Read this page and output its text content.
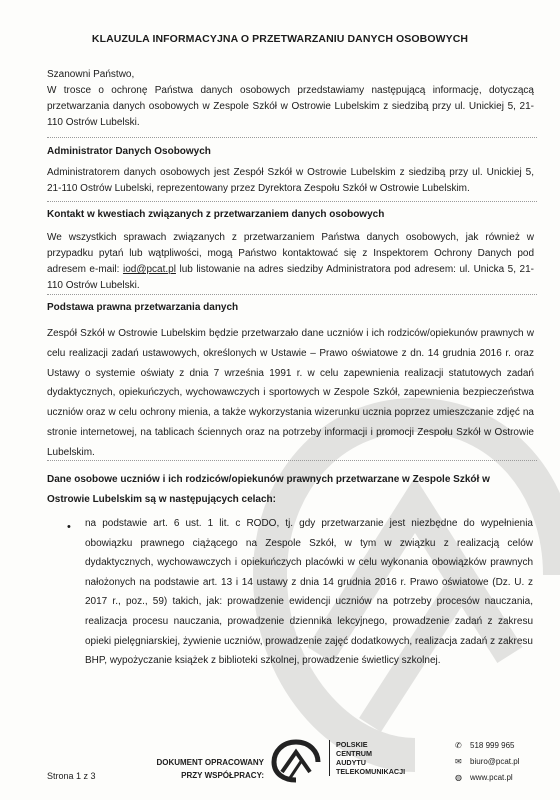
KLAUZULA INFORMACYJNA O PRZETWARZANIU DANYCH OSOBOWYCH
Szanowni Państwo,
W trosce o ochronę Państwa danych osobowych przedstawiamy następującą informację, dotyczącą przetwarzania danych osobowych w Zespole Szkół w Ostrowie Lubelskim z siedzibą przy ul. Unickiej 5, 21-110 Ostrów Lubelski.
Administrator Danych Osobowych
Administratorem danych osobowych jest Zespół Szkół w Ostrowie Lubelskim z siedzibą przy ul. Unickiej 5, 21-110 Ostrów Lubelski, reprezentowany przez Dyrektora Zespołu Szkół w Ostrowie Lubelskim.
Kontakt w kwestiach związanych z przetwarzaniem danych osobowych
We wszystkich sprawach związanych z przetwarzaniem Państwa danych osobowych, jak również w przypadku pytań lub wątpliwości, mogą Państwo kontaktować się z Inspektorem Ochrony Danych pod adresem e-mail: iod@pcat.pl lub listowanie na adres siedziby Administratora pod adresem: ul. Unicka 5, 21-110 Ostrów Lubelski.
Podstawa prawna przetwarzania danych
Zespół Szkół w Ostrowie Lubelskim będzie przetwarzało dane uczniów i ich rodziców/opiekunów prawnych w celu realizacji zadań ustawowych, określonych w Ustawie – Prawo oświatowe z dn. 14 grudnia 2016 r. oraz Ustawy o systemie oświaty z dnia 7 września 1991 r. w celu zapewnienia realizacji statutowych zadań dydaktycznych, opiekuńczych, wychowawczych i sportowych w Zespole Szkół, zapewnienia bezpieczeństwa uczniów oraz w celu ochrony mienia, a także wykorzystania wizerunku ucznia poprzez umieszczanie zdjęć na stronie internetowej, na tablicach ściennych oraz na potrzeby informacji i promocji Zespołu Szkół w Ostrowie Lubelskim.
Dane osobowe uczniów i ich rodziców/opiekunów prawnych przetwarzane w Zespole Szkół w Ostrowie Lubelskim są w następujących celach:
• na podstawie art. 6 ust. 1 lit. c RODO, tj. gdy przetwarzanie jest niezbędne do wypełnienia obowiązku prawnego ciążącego na Zespole Szkół, w tym w związku z realizacją celów dydaktycznych, wychowawczych i opiekuńczych placówki w celu wykonania obowiązków prawnych nałożonych na podstawie art. 13 i 14 ustawy z dnia 14 grudnia 2016 r. Prawo oświatowe (Dz. U. z 2017 r., poz., 59) takich, jak: prowadzenie ewidencji uczniów na potrzeby procesów nauczania, realizacja procesu nauczania, prowadzenie dziennika lekcyjnego, prowadzenie zadań z zakresu opieki pielęgniarskiej, żywienie uczniów, prowadzenie zajęć dodatkowych, realizacja zadań z zakresu BHP, wypożyczanie książek z biblioteki szkolnej, prowadzenie świetlicy szkolnej.
DOKUMENT OPRACOWANY
PRZY WSPÓŁPRACY:
POLSKIE
CENTRUM
AUDYTU
TELEKOMUNIKACJI
✆ 518 999 965
✉ biuro@pcat.pl
◍ www.pcat.pl
Strona 1 z 3
